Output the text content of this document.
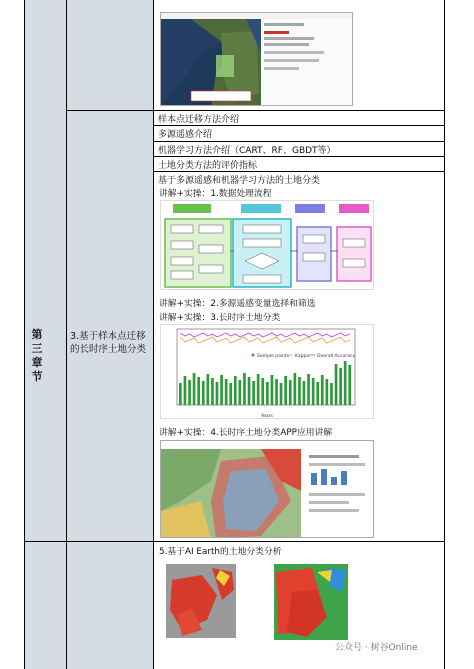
第三章节
3.基于样本点迁移的长时序土地分类
样本点迁移方法介绍
多源遥感介绍
机器学习方法介绍（CART、RF、GBDT等）
土地分类方法的评价指标
基于多源遥感和机器学习方法的土地分类
讲解+实操：1.数据处理流程
讲解+实操：2.多源遥感变量选择和筛选
讲解+实操：3.长时序土地分类
Sample points Kappa Overall Accuracy
Years
讲解+实操：4.长时序土地分类APP应用讲解
5.基于AI Earth的土地分类分析
公众号 · 树谷Online
